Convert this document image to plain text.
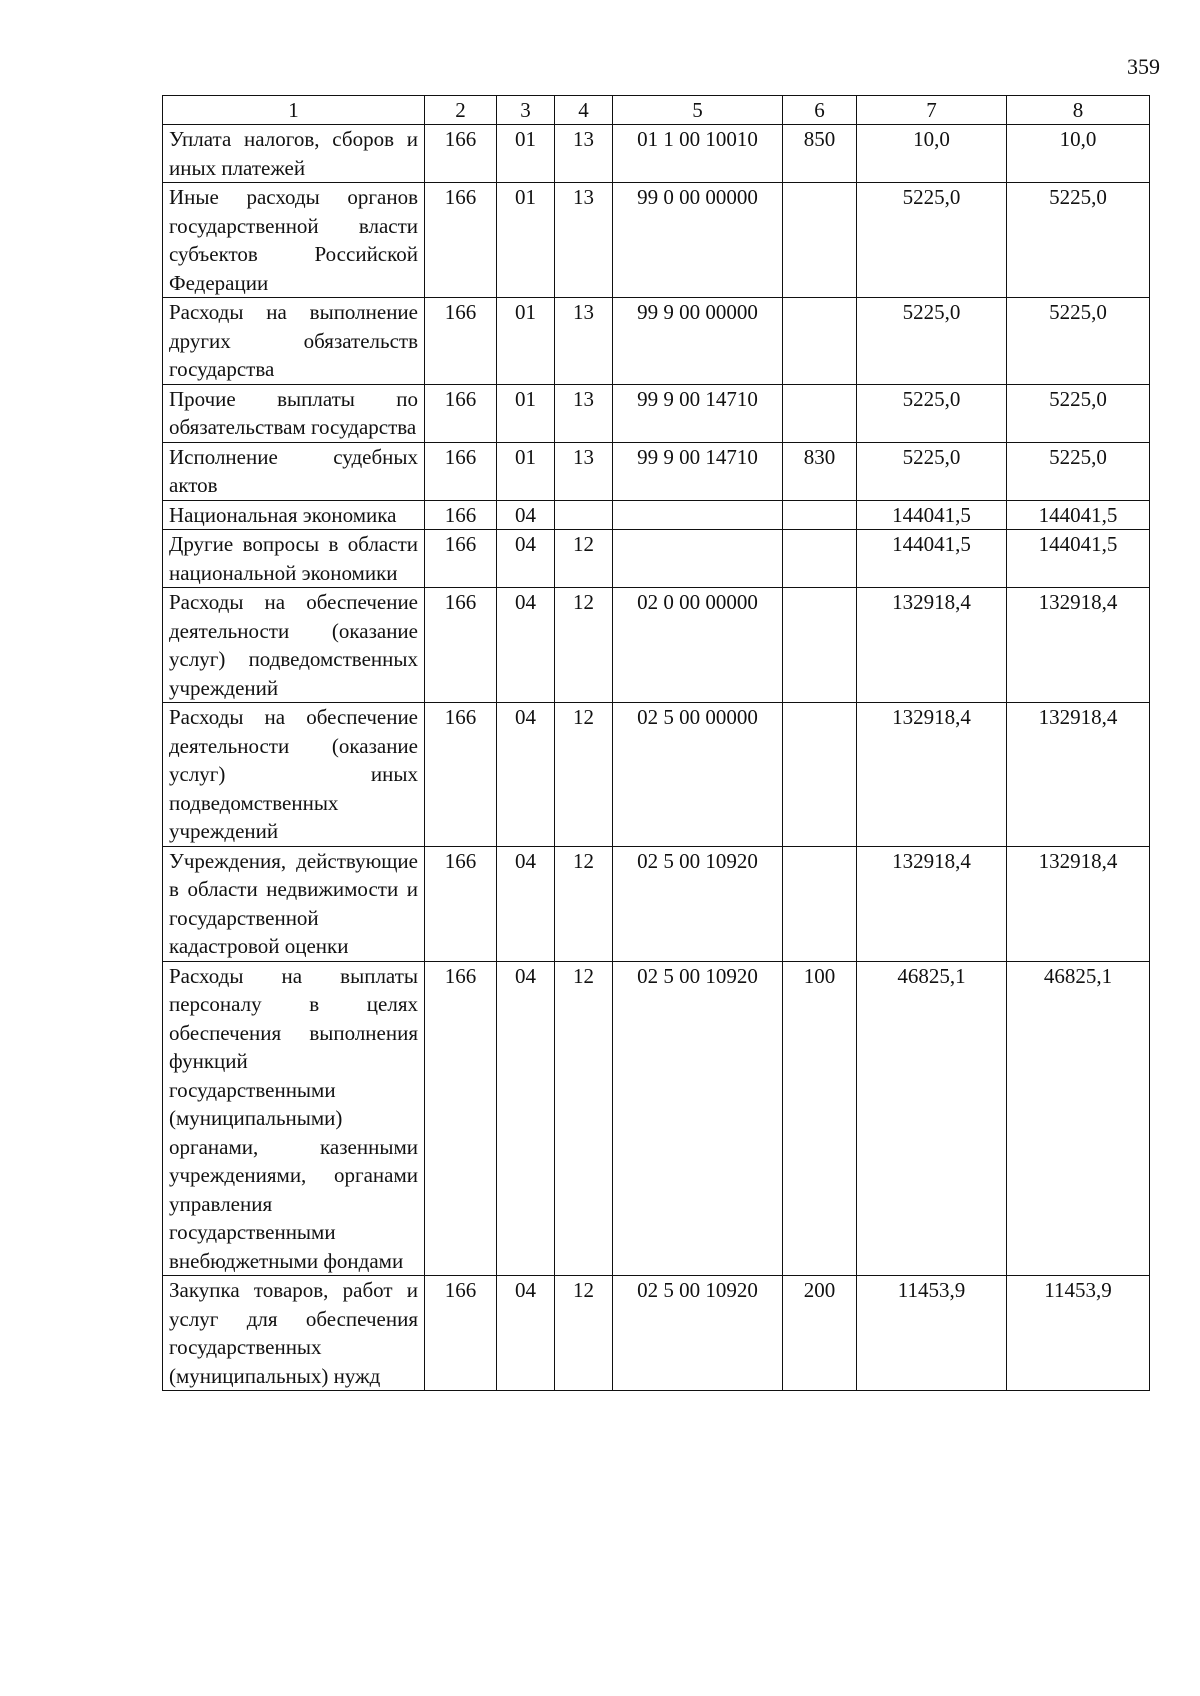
359
1	2	3	4	5	6	7	8
Уплата налогов, сборов и иных платежей	166	01	13	01 1 00 10010	850	10,0	10,0
Иные расходы органов государственной власти субъектов Российской Федерации	166	01	13	99 0 00 00000		5225,0	5225,0
Расходы на выполнение других обязательств государства	166	01	13	99 9 00 00000		5225,0	5225,0
Прочие выплаты по обязательствам государства	166	01	13	99 9 00 14710		5225,0	5225,0
Исполнение судебных актов	166	01	13	99 9 00 14710	830	5225,0	5225,0
Национальная экономика	166	04				144041,5	144041,5
Другие вопросы в области национальной экономики	166	04	12			144041,5	144041,5
Расходы на обеспечение деятельности (оказание услуг) подведомственных учреждений	166	04	12	02 0 00 00000		132918,4	132918,4
Расходы на обеспечение деятельности (оказание услуг) иных подведомственных учреждений	166	04	12	02 5 00 00000		132918,4	132918,4
Учреждения, действующие в области недвижимости и государственной кадастровой оценки	166	04	12	02 5 00 10920		132918,4	132918,4
Расходы на выплаты персоналу в целях обеспечения выполнения функций государственными (муниципальными) органами, казенными учреждениями, органами управления государственными внебюджетными фондами	166	04	12	02 5 00 10920	100	46825,1	46825,1
Закупка товаров, работ и услуг для обеспечения государственных (муниципальных) нужд	166	04	12	02 5 00 10920	200	11453,9	11453,9
